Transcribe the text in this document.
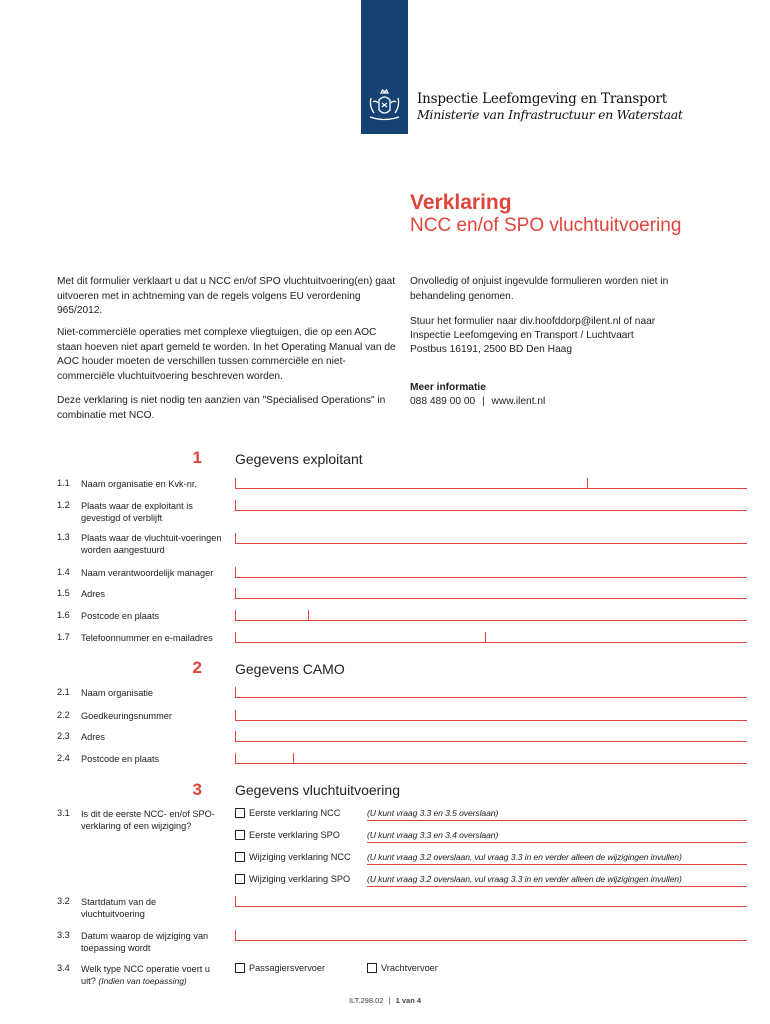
Inspectie Leefomgeving en Transport
Ministerie van Infrastructuur en Waterstaat
Verklaring
NCC en/of SPO vluchtuitvoering
Met dit formulier verklaart u dat u NCC en/of SPO vluchtuitvoering(en) gaat uitvoeren met in achtneming van de regels volgens EU verordening 965/2012.
Niet-commerciële operaties met complexe vliegtuigen, die op een AOC staan hoeven niet apart gemeld te worden. In het Operating Manual van de AOC houder moeten de verschillen tussen commerciële en niet-commerciële vluchtuitvoering beschreven worden.
Deze verklaring is niet nodig ten aanzien van "Specialised Operations" in combinatie met NCO.
Onvolledig of onjuist ingevulde formulieren worden niet in behandeling genomen.
Stuur het formulier naar div.hoofddorp@ilent.nl of naar
Inspectie Leefomgeving en Transport / Luchtvaart
Postbus 16191, 2500 BD Den Haag
Meer informatie
088 489 00 00 | www.ilent.nl
1 Gegevens exploitant
1.1 Naam organisatie en Kvk-nr.
1.2 Plaats waar de exploitant is gevestigd of verblijft
1.3 Plaats waar de vluchtuit-voeringen worden aangestuurd
1.4 Naam verantwoordelijk manager
1.5 Adres
1.6 Postcode en plaats
1.7 Telefoonnummer en e-mailadres
2 Gegevens CAMO
2.1 Naam organisatie
2.2 Goedkeuringsnummer
2.3 Adres
2.4 Postcode en plaats
3 Gegevens vluchtuitvoering
3.1 Is dit de eerste NCC- en/of SPO-verklaring of een wijziging?
Eerste verklaring NCC	(U kunt vraag 3.3 en 3.5 overslaan)
Eerste verklaring SPO	(U kunt vraag 3.3 en 3.4 overslaan)
Wijziging verklaring NCC (U kunt vraag 3.2 overslaan, vul vraag 3.3 in en verder alleen de wijzigingen invullen)
Wijziging verklaring SPO (U kunt vraag 3.2 overslaan, vul vraag 3.3 in en verder alleen de wijzigingen invullen)
3.2 Startdatum van de vluchtuitvoering
3.3 Datum waarop de wijziging van toepassing wordt
3.4 Welk type NCC operatie voert u uit? (Indien van toepassing)
Passagiersvervoer	Vrachtvervoer
ILT.298.02 | 1 van 4
